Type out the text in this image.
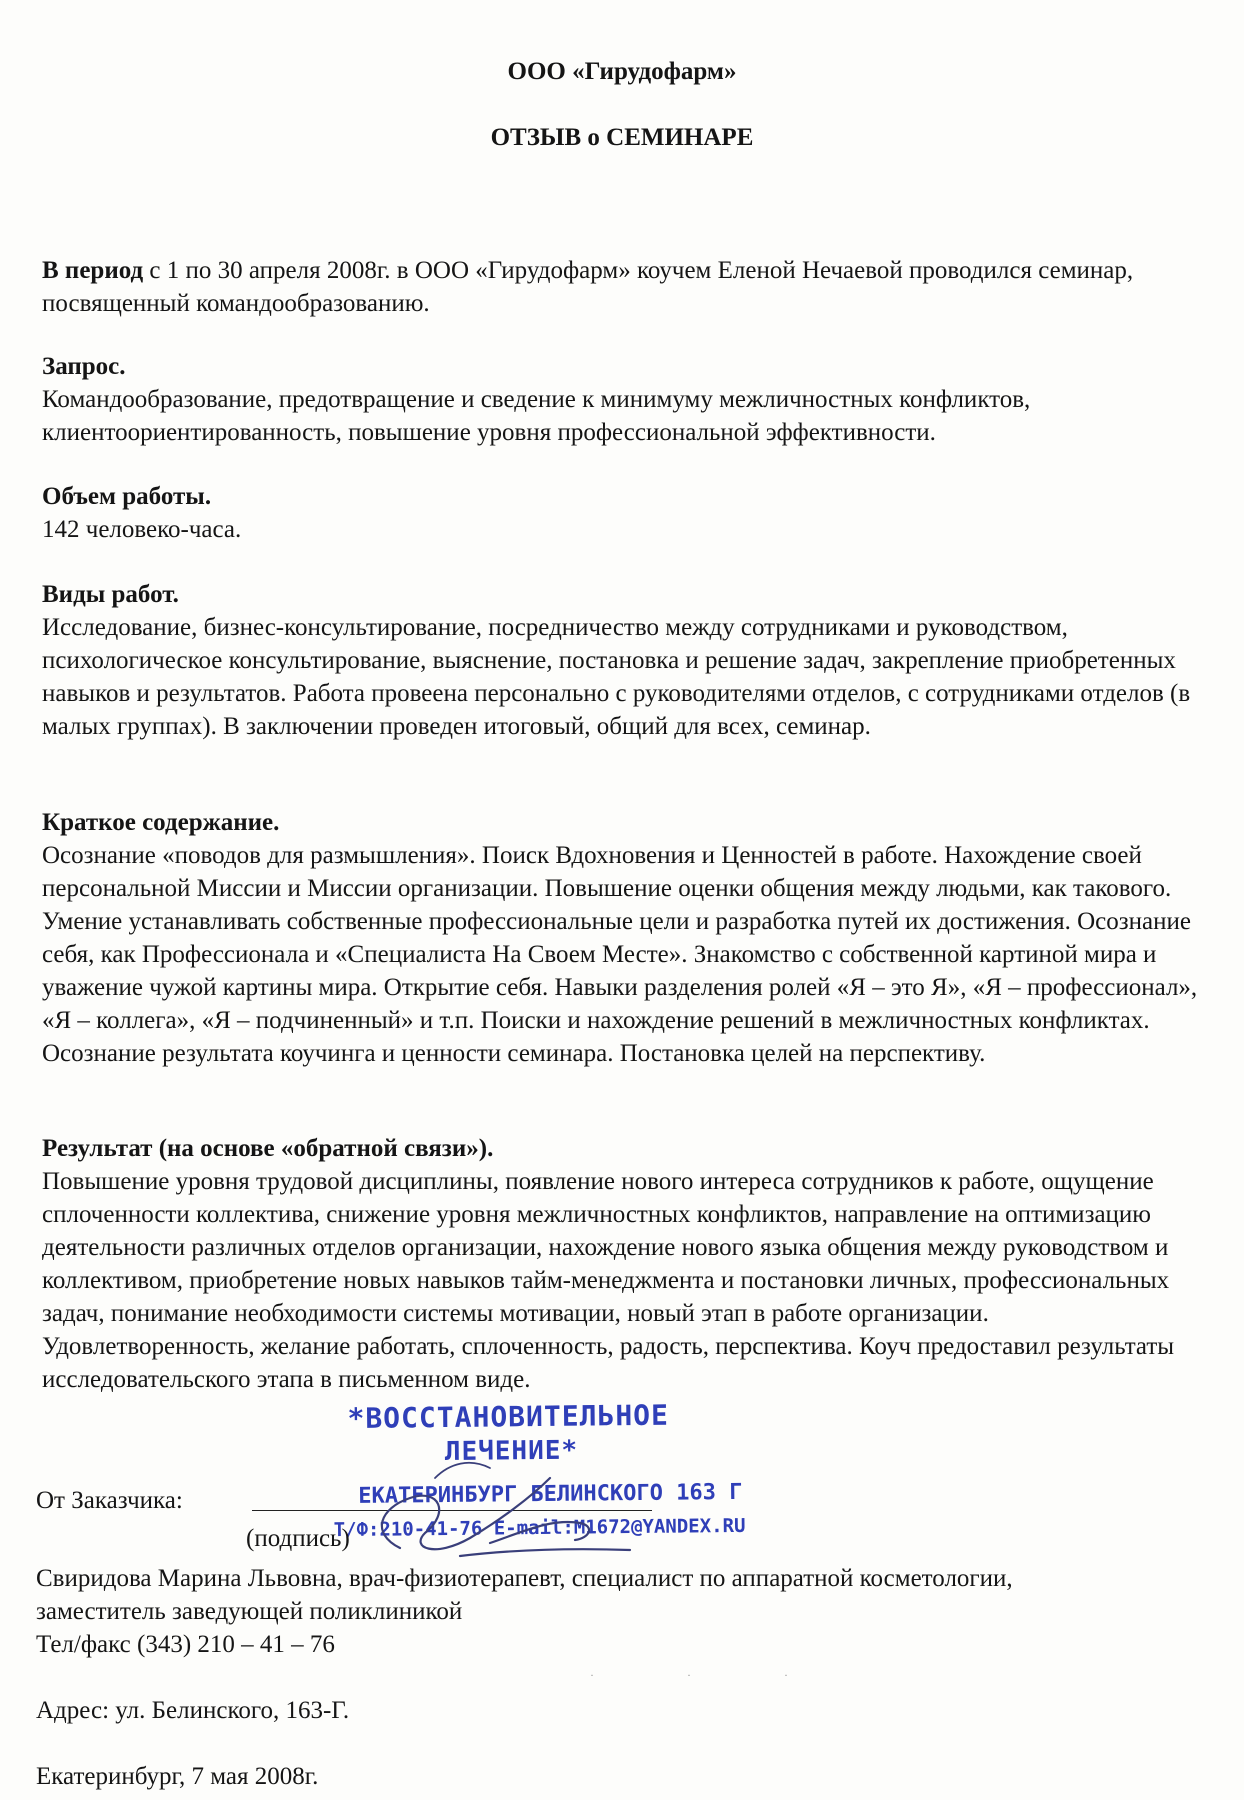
ООО «Гирудофарм»
ОТЗЫВ о СЕМИНАРЕ

В период с 1 по 30 апреля 2008г. в ООО «Гирудофарм» коучем Еленой Нечаевой проводился семинар, посвященный командообразованию.

Запрос.

Командообразование, предотвращение и сведение к минимуму межличностных конфликтов, клиентоориентированность, повышение уровня профессиональной эффективности.

Объем работы.

142 человеко-часа.

Виды работ.

Исследование, бизнес-консультирование, посредничество между сотрудниками и руководством, психологическое консультирование, выяснение, постановка и решение задач, закрепление приобретенных навыков и результатов. Работа провеена персонально с руководителями отделов, с сотрудниками отделов (в малых группах). В заключении проведен итоговый, общий для всех, семинар.

Краткое содержание.

Осознание «поводов для размышления». Поиск Вдохновения и Ценностей в работе. Нахождение своей персональной Миссии и Миссии организации. Повышение оценки общения между людьми, как такового. Умение устанавливать собственные профессиональные цели и разработка путей их достижения. Осознание себя, как Профессионала и «Специалиста На Своем Месте». Знакомство с собственной картиной мира и уважение чужой картины мира. Открытие себя. Навыки разделения ролей «Я – это Я», «Я – профессионал», «Я – коллега», «Я – подчиненный» и т.п. Поиски и нахождение решений в межличностных конфликтах. Осознание результата коучинга и ценности семинара. Постановка целей на перспективу.

Результат (на основе «обратной связи»).

Повышение уровня трудовой дисциплины, появление нового интереса сотрудников к работе, ощущение сплоченности коллектива, снижение уровня межличностных конфликтов, направление на оптимизацию деятельности различных отделов организации, нахождение нового языка общения между руководством и коллективом, приобретение новых навыков тайм-менеджмента и постановки личных, профессиональных задач, понимание необходимости системы мотивации, новый этап в работе организации. Удовлетворенность, желание работать, сплоченность, радость, перспектива. Коуч предоставил результаты исследовательского этапа в письменном виде.

*ВОССТАНОВИТЕЛЬНОЕ
ЛЕЧЕНИЕ*
ЕКАТЕРИНБУРГ БЕЛИНСКОГО 163 Г
Т/Ф:210-41-76 E-mail:M1672@YANDEX.RU
От Заказчика:
(подпись)
Свиридова Марина Львовна, врач-физиотерапевт, специалист по аппаратной косметологии,
заместитель заведующей поликлиникой
Тел/факс (343) 210 – 41 – 76
· · ·
Адрес: ул. Белинского, 163-Г.
Екатеринбург, 7 мая 2008г.
